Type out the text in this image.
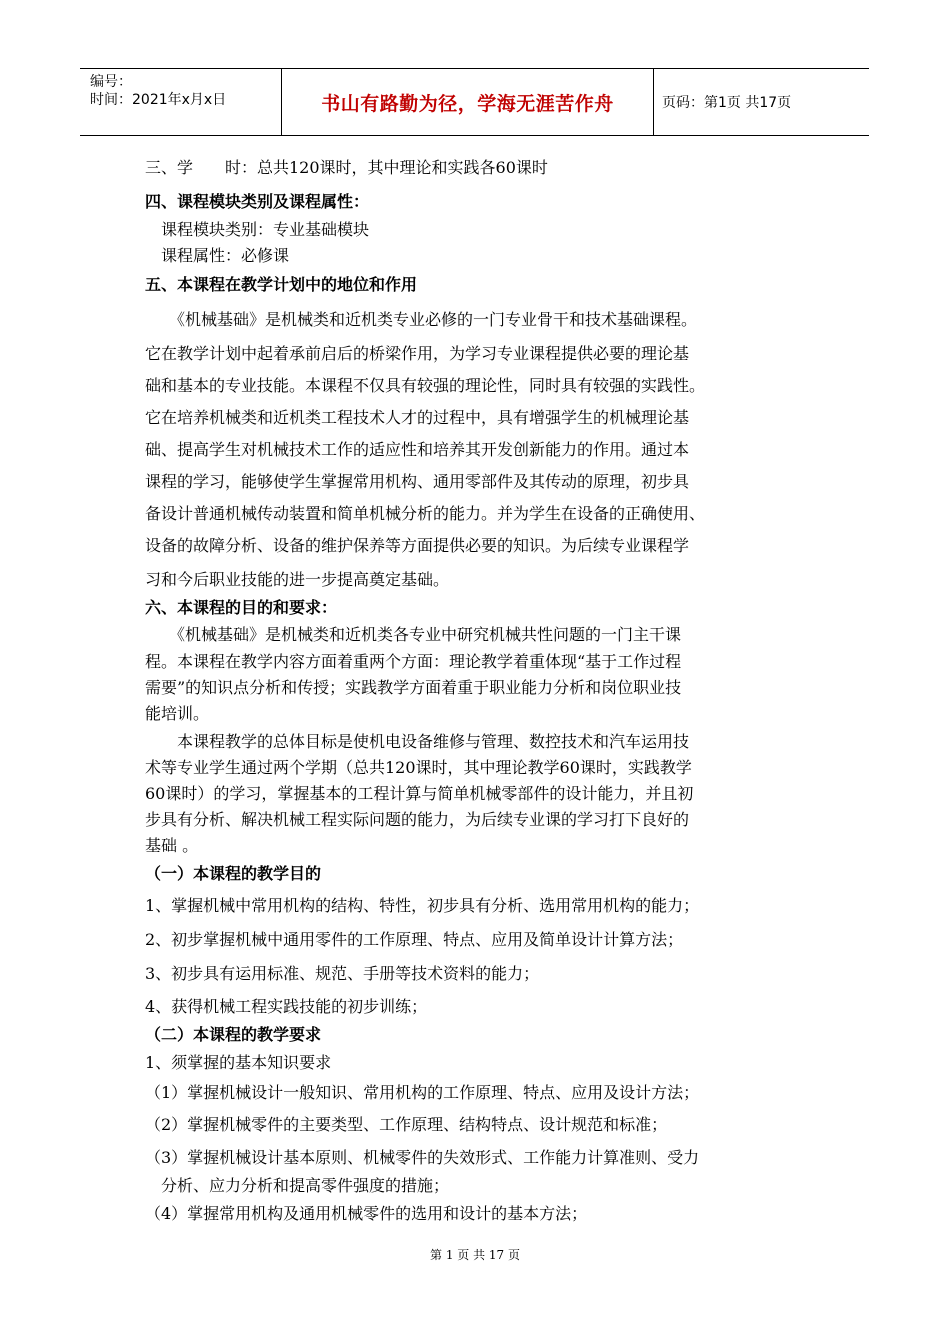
编号：
时间：2021年x月x日	书山有路勤为径，学海无涯苦作舟	页码：第1页 共17页
三、学　　时：总共120课时，其中理论和实践各60课时
四、课程模块类别及课程属性：
　课程模块类别：专业基础模块
　课程属性：必修课
五、本课程在教学计划中的地位和作用
　　《机械基础》是机械类和近机类专业必修的一门专业骨干和技术基础课程。
它在教学计划中起着承前启后的桥梁作用，为学习专业课程提供必要的理论基
础和基本的专业技能。本课程不仅具有较强的理论性，同时具有较强的实践性。
它在培养机械类和近机类工程技术人才的过程中，具有增强学生的机械理论基
础、提高学生对机械技术工作的适应性和培养其开发创新能力的作用。通过本
课程的学习，能够使学生掌握常用机构、通用零部件及其传动的原理，初步具
备设计普通机械传动装置和简单机械分析的能力。并为学生在设备的正确使用、
设备的故障分析、设备的维护保养等方面提供必要的知识。为后续专业课程学
习和今后职业技能的进一步提高奠定基础。
六、本课程的目的和要求：
　　《机械基础》是机械类和近机类各专业中研究机械共性问题的一门主干课
程。本课程在教学内容方面着重两个方面：理论教学着重体现“基于工作过程
需要”的知识点分析和传授；实践教学方面着重于职业能力分析和岗位职业技
能培训。
　　本课程教学的总体目标是使机电设备维修与管理、数控技术和汽车运用技
术等专业学生通过两个学期（总共120课时，其中理论教学60课时，实践教学
60课时）的学习，掌握基本的工程计算与简单机械零部件的设计能力，并且初
步具有分析、解决机械工程实际问题的能力，为后续专业课的学习打下良好的
基础 。
（一）本课程的教学目的
1、掌握机械中常用机构的结构、特性，初步具有分析、选用常用机构的能力；
2、初步掌握机械中通用零件的工作原理、特点、应用及简单设计计算方法；
3、初步具有运用标准、规范、手册等技术资料的能力；
4、获得机械工程实践技能的初步训练；
（二）本课程的教学要求
1、须掌握的基本知识要求
（1）掌握机械设计一般知识、常用机构的工作原理、特点、应用及设计方法；
（2）掌握机械零件的主要类型、工作原理、结构特点、设计规范和标准；
（3）掌握机械设计基本原则、机械零件的失效形式、工作能力计算准则、受力
　分析、应力分析和提高零件强度的措施；
（4）掌握常用机构及通用机械零件的选用和设计的基本方法；
第 1 页 共 17 页
